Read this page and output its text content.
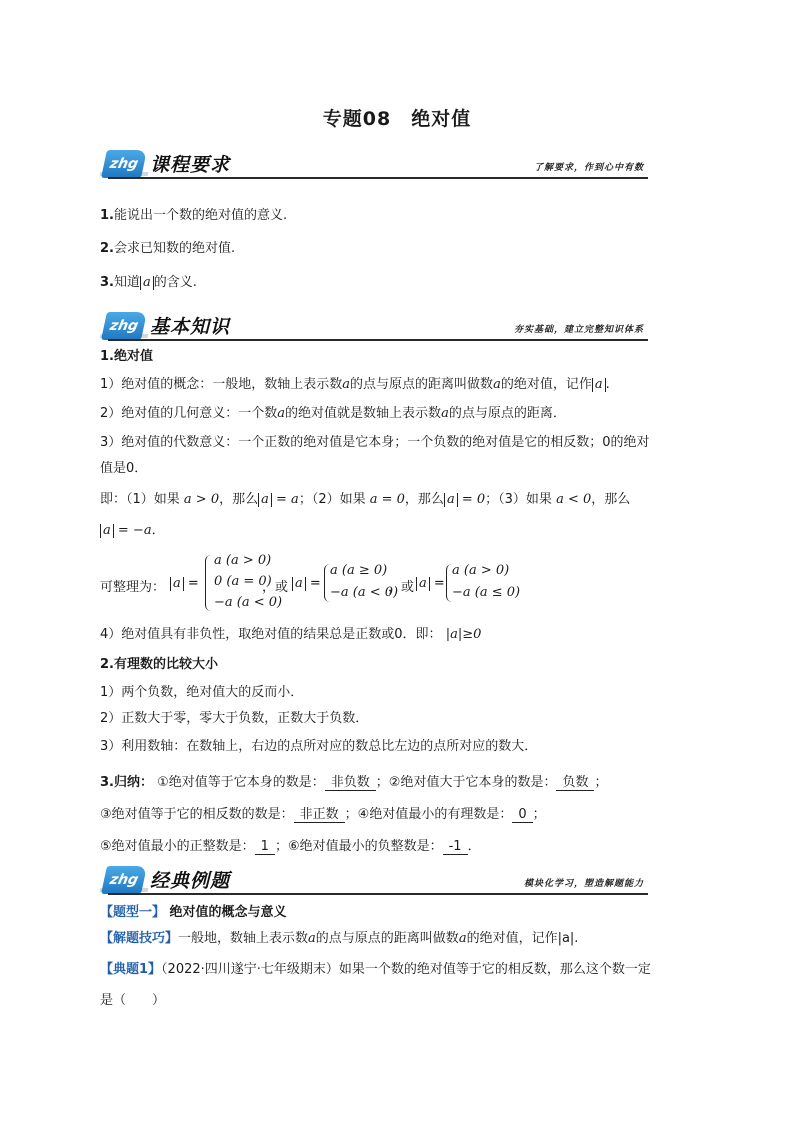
专题08　绝对值
zhg 课程要求	了解要求，作到心中有数
1.能说出一个数的绝对值的意义.
2.会求已知数的绝对值.
3.知道 a 的含义.
zhg 基本知识	夯实基础，建立完整知识体系
1.绝对值
1）绝对值的概念：一般地，数轴上表示数a的点与原点的距离叫做数a的绝对值，记作 a .
2）绝对值的几何意义：一个数a的绝对值就是数轴上表示数a的点与原点的距离．
3）绝对值的代数意义：一个正数的绝对值是它本身；一个负数的绝对值是它的相反数；0的绝对
值是0．
即：（1）如果 a > 0，那么 a = a；（2）如果 a = 0，那么 a = 0；（3）如果 a < 0，那么
a = −a．
可整理为： a =
a (a > 0)
0 (a = 0)
−a (a < 0)
，或 a =
a (a ≥ 0)
−a (a < 0)
，或 a =
a (a > 0)
−a (a ≤ 0)
4）绝对值具有非负性，取绝对值的结果总是正数或0．即： |a|≥0
2.有理数的比较大小
1）两个负数，绝对值大的反而小．
2）正数大于零，零大于负数，正数大于负数．
3）利用数轴：在数轴上，右边的点所对应的数总比左边的点所对应的数大．
3.归纳： ①绝对值等于它本身的数是： 非负数 ；②绝对值大于它本身的数是： 负数 ；
③绝对值等于它的相反数的数是： 非正数 ；④绝对值最小的有理数是： 0 ；
⑤绝对值最小的正整数是： 1 ；⑥绝对值最小的负整数是： -1 ．
zhg 经典例题	模块化学习，塑造解题能力
【题型一】 绝对值的概念与意义
【解题技巧】一般地，数轴上表示数a的点与原点的距离叫做数a的绝对值，记作|a|.
【典题1】（2022·四川遂宁·七年级期末）如果一个数的绝对值等于它的相反数，那么这个数一定
是（　　）
